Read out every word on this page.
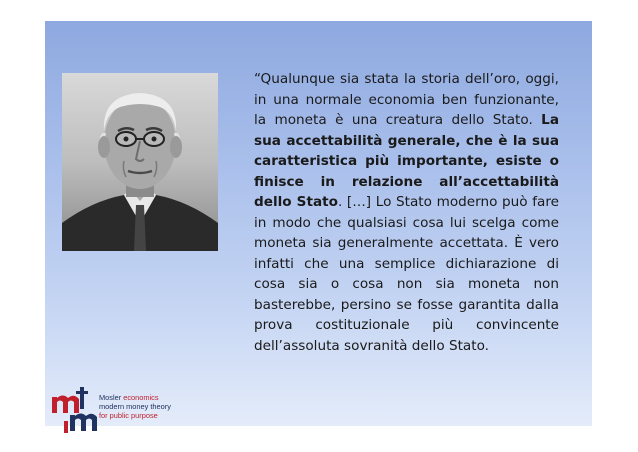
Mosler economics
modern money theory
for public purpose
“Qualunque sia stata la storia dell’oro, oggi, in una normale economia ben funzionante, la moneta è una creatura dello Stato. La sua accettabilità generale, che è la sua caratteristica più importante, esiste o finisce in relazione all’accettabilità dello Stato. […] Lo Stato moderno può fare in modo che qualsiasi cosa lui scelga come moneta sia generalmente accettata. È vero infatti che una semplice dichiarazione di cosa sia o cosa non sia moneta non basterebbe, persino se fosse garantita dalla prova costituzionale più convincente dell’assoluta sovranità dello Stato.
